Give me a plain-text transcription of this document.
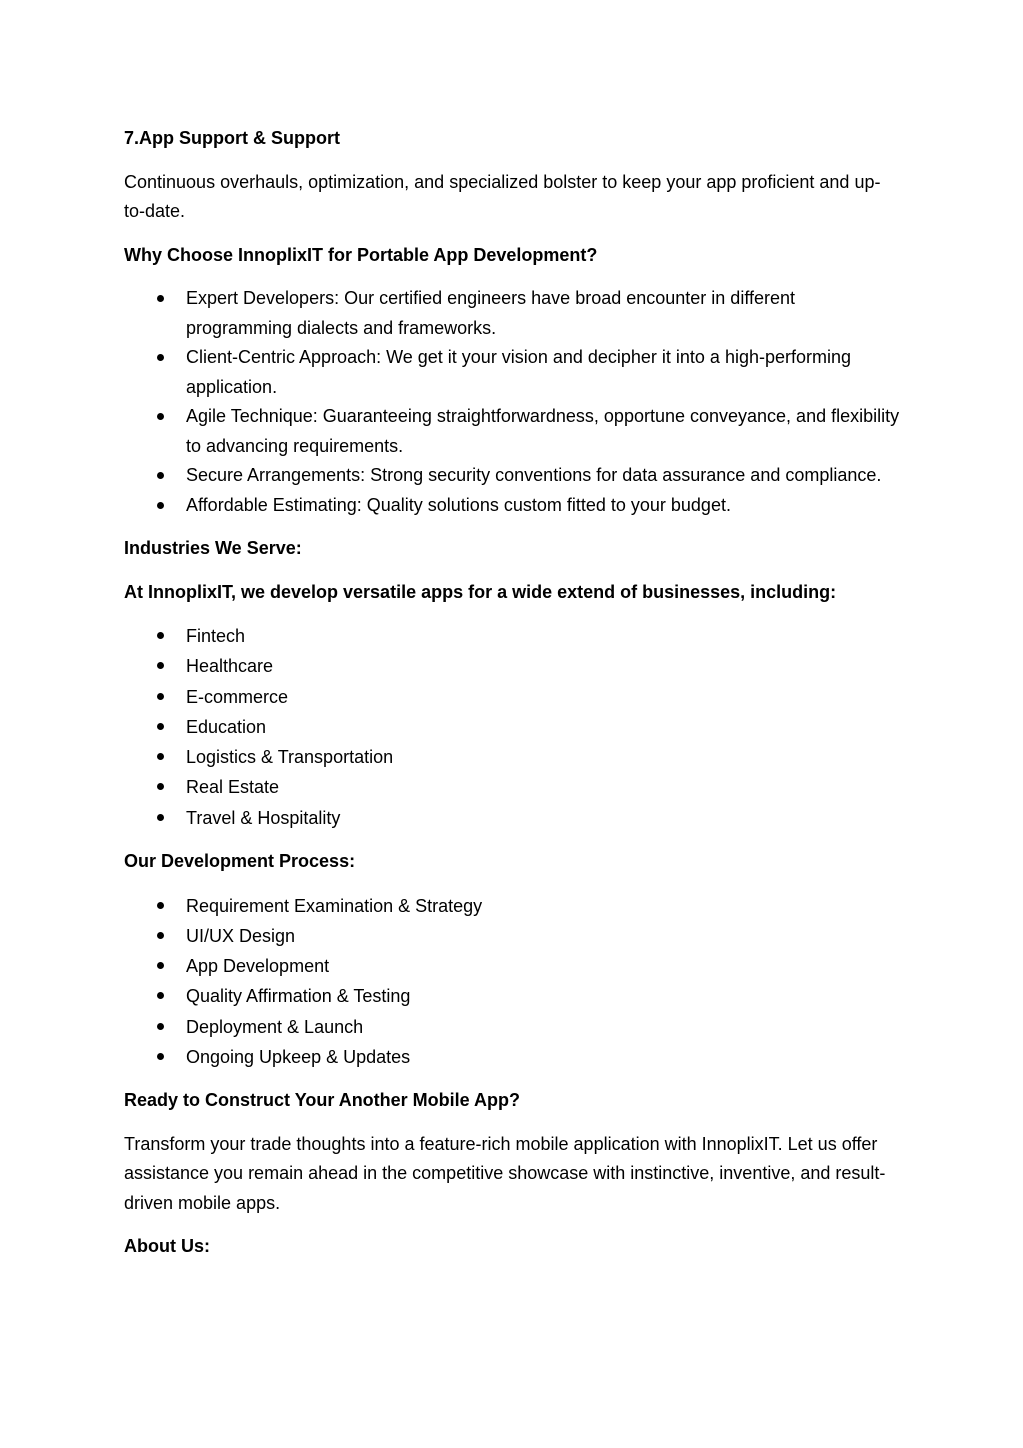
7.App Support & Support
Continuous overhauls, optimization, and specialized bolster to keep your app proficient and up-to-date.
Why Choose InnoplixIT for Portable App Development?
Expert Developers: Our certified engineers have broad encounter in different programming dialects and frameworks.
Client-Centric Approach: We get it your vision and decipher it into a high-performing application.
Agile Technique: Guaranteeing straightforwardness, opportune conveyance, and flexibility to advancing requirements.
Secure Arrangements: Strong security conventions for data assurance and compliance.
Affordable Estimating: Quality solutions custom fitted to your budget.
Industries We Serve:
At InnoplixIT, we develop versatile apps for a wide extend of businesses, including:
Fintech
Healthcare
E-commerce
Education
Logistics & Transportation
Real Estate
Travel & Hospitality
Our Development Process:
Requirement Examination & Strategy
UI/UX Design
App Development
Quality Affirmation & Testing
Deployment & Launch
Ongoing Upkeep & Updates
Ready to Construct Your Another Mobile App?
Transform your trade thoughts into a feature-rich mobile application with InnoplixIT. Let us offer assistance you remain ahead in the competitive showcase with instinctive, inventive, and result-driven mobile apps.
About Us:
